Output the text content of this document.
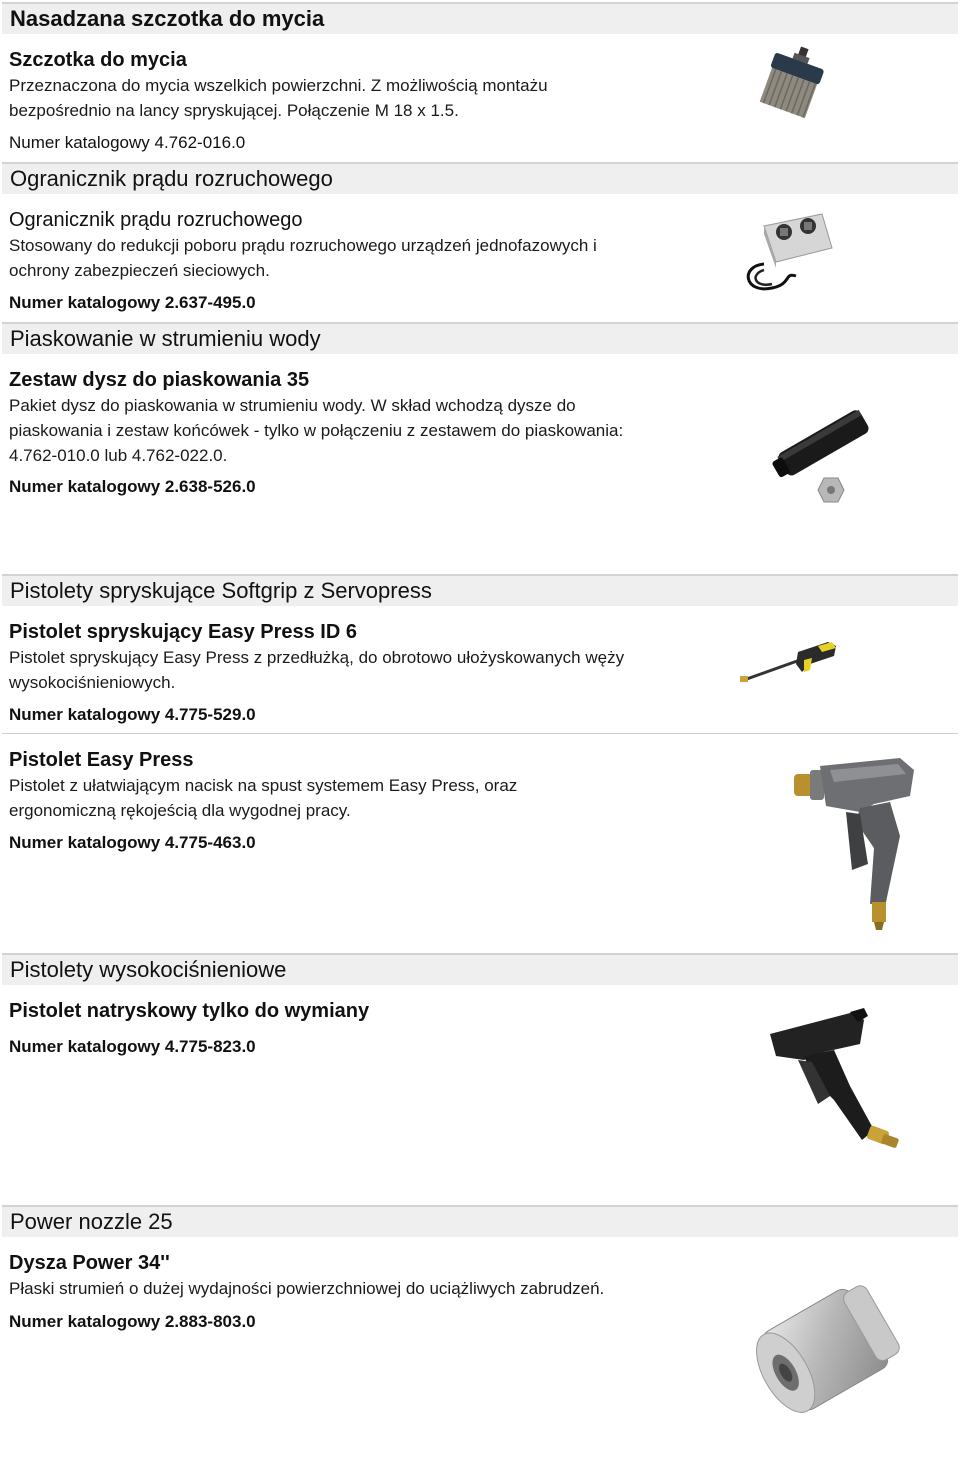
Nasadzana szczotka do mycia
Szczotka do mycia
Przeznaczona do mycia wszelkich powierzchni. Z możliwością montażu
bezpośrednio na lancy spryskującej. Połączenie M 18 x 1.5.
Numer katalogowy 4.762-016.0
Ogranicznik prądu rozruchowego
Ogranicznik prądu rozruchowego
Stosowany do redukcji poboru prądu rozruchowego urządzeń jednofazowych i
ochrony zabezpieczeń sieciowych.
Numer katalogowy 2.637-495.0
Piaskowanie w strumieniu wody
Zestaw dysz do piaskowania 35
Pakiet dysz do piaskowania w strumieniu wody. W skład wchodzą dysze do
piaskowania i zestaw końcówek - tylko w połączeniu z zestawem do piaskowania:
4.762-010.0 lub 4.762-022.0.
Numer katalogowy 2.638-526.0
Pistolety spryskujące Softgrip z Servopress
Pistolet spryskujący Easy Press ID 6
Pistolet spryskujący Easy Press z przedłużką, do obrotowo ułożyskowanych węży
wysokociśnieniowych.
Numer katalogowy 4.775-529.0
Pistolet Easy Press
Pistolet z ułatwiającym nacisk na spust systemem Easy Press, oraz
ergonomiczną rękojeścią dla wygodnej pracy.
Numer katalogowy 4.775-463.0
Pistolety wysokociśnieniowe
Pistolet natryskowy tylko do wymiany
Numer katalogowy 4.775-823.0
Power nozzle 25
Dysza Power 34''
Płaski strumień o dużej wydajności powierzchniowej do uciążliwych zabrudzeń.
Numer katalogowy 2.883-803.0
